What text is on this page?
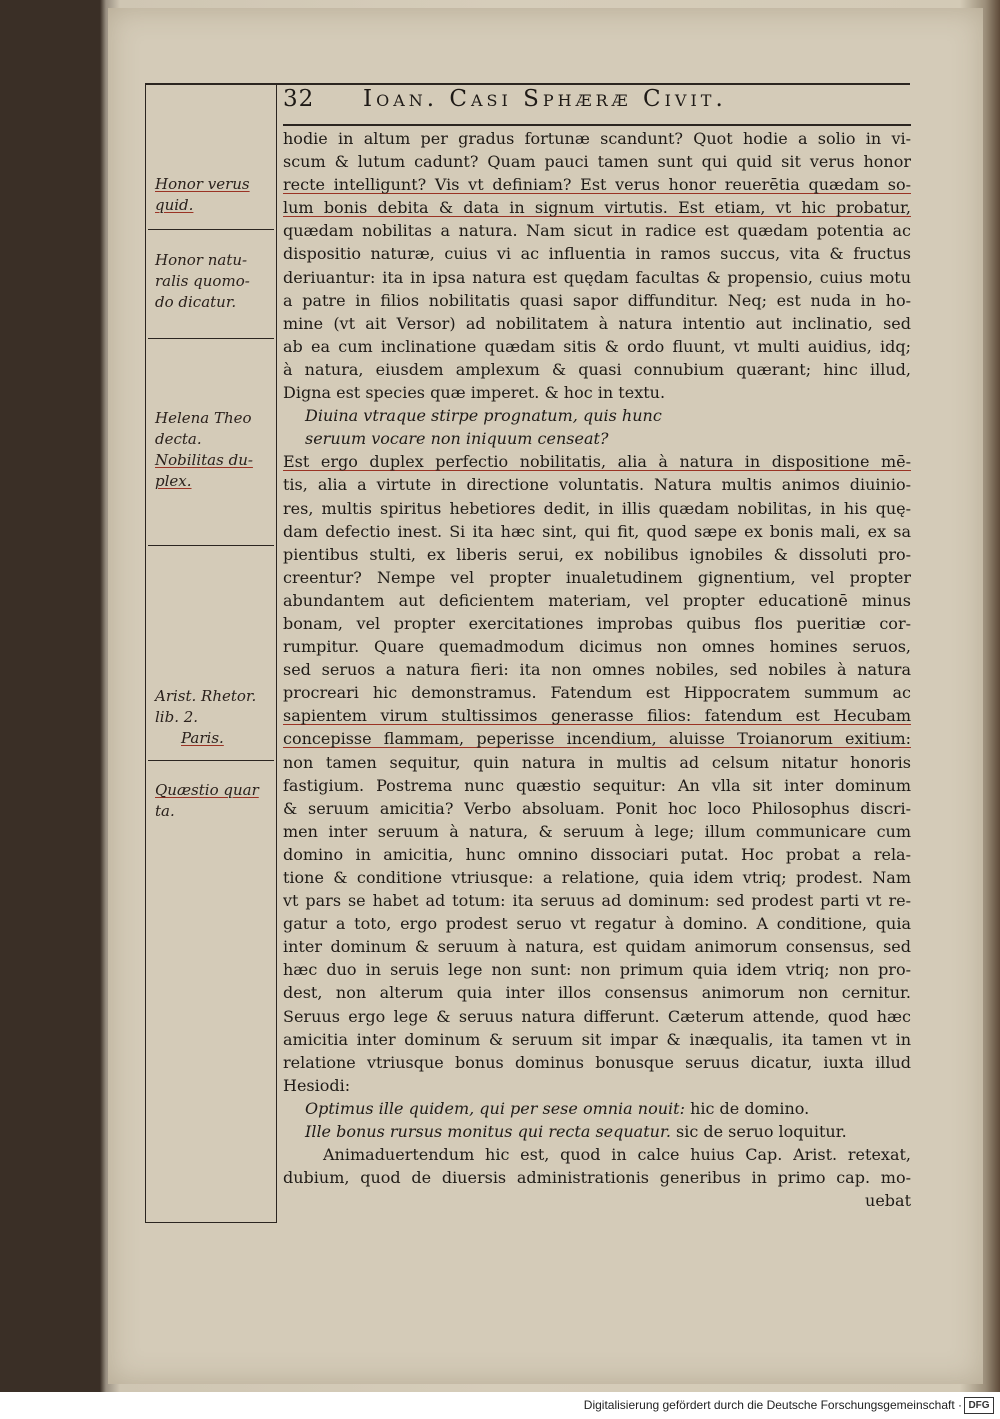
32 Ioan. Casi Sphæræ Civit.
Honor verus
quid.
Honor natu-
ralis quomo-
do dicatur.
Helena Theo
decta.
Nobilitas du-
plex.
Arist. Rhetor.
lib. 2.
Paris.
Quæstio quar
ta.
hodie in altum per gradus fortunæ scandunt? Quot hodie a solio in vi-
scum & lutum cadunt? Quam pauci tamen sunt qui quid sit verus honor
recte intelligunt? Vis vt definiam? Est verus honor reuerētia quædam so-
lum bonis debita & data in signum virtutis. Est etiam, vt hic probatur,
quædam nobilitas a natura. Nam sicut in radice est quædam potentia ac
dispositio naturæ, cuius vi ac influentia in ramos succus, vita & fructus
deriuantur: ita in ipsa natura est quędam facultas & propensio, cuius motu
a patre in filios nobilitatis quasi sapor diffunditur. Neq; est nuda in ho-
mine (vt ait Versor) ad nobilitatem à natura intentio aut inclinatio, sed
ab ea cum inclinatione quædam sitis & ordo fluunt, vt multi auidius, idq;
à natura, eiusdem amplexum & quasi connubium quærant; hinc illud,
Digna est species quæ imperet. & hoc in textu.
Diuina vtraque stirpe prognatum, quis hunc
seruum vocare non iniquum censeat?
Est ergo duplex perfectio nobilitatis, alia à natura in dispositione mē-
tis, alia a virtute in directione voluntatis. Natura multis animos diuinio-
res, multis spiritus hebetiores dedit, in illis quædam nobilitas, in his quę-
dam defectio inest. Si ita hæc sint, qui fit, quod sæpe ex bonis mali, ex sa
pientibus stulti, ex liberis serui, ex nobilibus ignobiles & dissoluti pro-
creentur? Nempe vel propter inualetudinem gignentium, vel propter
abundantem aut deficientem materiam, vel propter educationē minus
bonam, vel propter exercitationes improbas quibus flos pueritiæ cor-
rumpitur. Quare quemadmodum dicimus non omnes homines seruos,
sed seruos a natura fieri: ita non omnes nobiles, sed nobiles à natura
procreari hic demonstramus. Fatendum est Hippocratem summum ac
sapientem virum stultissimos generasse filios: fatendum est Hecubam
concepisse flammam, peperisse incendium, aluisse Troianorum exitium:
non tamen sequitur, quin natura in multis ad celsum nitatur honoris
fastigium. Postrema nunc quæstio sequitur: An vlla sit inter dominum
& seruum amicitia? Verbo absoluam. Ponit hoc loco Philosophus discri-
men inter seruum à natura, & seruum à lege; illum communicare cum
domino in amicitia, hunc omnino dissociari putat. Hoc probat a rela-
tione & conditione vtriusque: a relatione, quia idem vtriq; prodest. Nam
vt pars se habet ad totum: ita seruus ad dominum: sed prodest parti vt re-
gatur a toto, ergo prodest seruo vt regatur à domino. A conditione, quia
inter dominum & seruum à natura, est quidam animorum consensus, sed
hæc duo in seruis lege non sunt: non primum quia idem vtriq; non pro-
dest, non alterum quia inter illos consensus animorum non cernitur.
Seruus ergo lege & seruus natura differunt. Cæterum attende, quod hæc
amicitia inter dominum & seruum sit impar & inæqualis, ita tamen vt in
relatione vtriusque bonus dominus bonusque seruus dicatur, iuxta illud
Hesiodi:
Optimus ille quidem, qui per sese omnia nouit: hic de domino.
Ille bonus rursus monitus qui recta sequatur. sic de seruo loquitur.
Animaduertendum hic est, quod in calce huius Cap. Arist. retexat,
dubium, quod de diuersis administrationis generibus in primo cap. mo-
uebat
Digitalisierung gefördert durch die Deutsche Forschungsgemeinschaft · DFG
